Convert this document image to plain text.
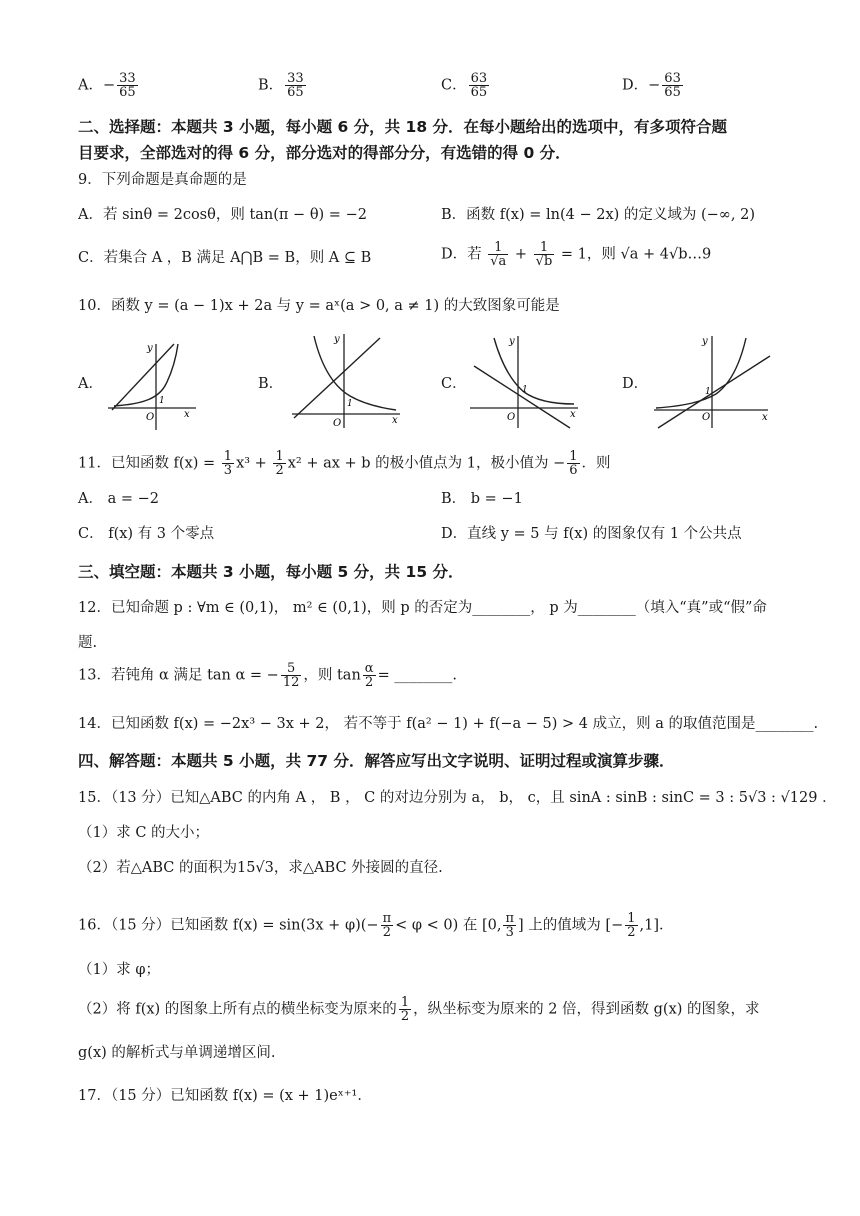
A．− $\frac{33}{65}$	B． $\frac{33}{65}$	C． $\frac{63}{65}$	D．− $\frac{63}{65}$
二、选择题：本题共 3 小题，每小题 6 分，共 18 分．在每小题给出的选项中，有多项符合题
目要求，全部选对的得 6 分，部分选对的得部分分，有选错的得 0 分．
9．下列命题是真命题的是
A．若 sinθ = 2cosθ，则 tan(π − θ) = −2	B．函数 f(x) = ln(4 − 2x) 的定义域为 (−∞, 2)
C．若集合 A ，B 满足 A⋂B = B，则 A ⊆ B	D．若 $\frac{1}{√a} + \frac{1}{√b} = 1$，则 √a + 4√b…9
10．函数 y = (a − 1)x + 2a 与 y = aˣ(a > 0, a ≠ 1) 的大致图象可能是
A．	B．	C．	D．
y
x
O
1
y
x
O
1
y
x
O
1
y
x
O
1
11．已知函数 $f(x) = \frac{1}{3} x^3 + \frac{1}{2} x^2$ + ax + b 的极小值点为 1，极小值为 − $\frac{1}{6}$ ．则
A． a = −2	B． b = −1
C． f(x) 有 3 个零点	D．直线 y = 5 与 f(x) 的图象仅有 1 个公共点
三、填空题：本题共 3 小题，每小题 5 分，共 15 分．
12．已知命题 p : ∀m ∈ (0,1)， m² ∈ (0,1)，则 p 的否定为________， p 为________（填入“真”或“假”命
题.
13．若钝角 α 满足 tan α = − $\frac{5}{12}$ ，则 $\tan \frac{\alpha}{2}$ = ________.
14．已知函数 f(x) = −2x³ − 3x + 2， 若不等于 f(a² − 1) + f(−a − 5) > 4 成立，则 a 的取值范围是________.
四、解答题：本题共 5 小题，共 77 分．解答应写出文字说明、证明过程或演算步骤．
15．（13 分）已知△ABC 的内角 A ， B ， C 的对边分别为 a， b， c，且 sinA : sinB : sinC = 3 : 5√3 : √129 ．
（1）求 C 的大小；
（2）若△ABC 的面积为15√3，求△ABC 外接圆的直径.
16．（15 分）已知函数 $f(x) = \sin(3x + \varphi)(- \frac{\pi}{2} < \varphi < 0)$ 在 [0, $\frac{\pi}{3}$ ] 上的值域为 [− $\frac{1}{2} ,1$]．
（1）求 φ；
（2）将 f(x) 的图象上所有点的横坐标变为原来的 $\frac{1}{2}$ ，纵坐标变为原来的 2 倍，得到函数 g(x) 的图象，求
g(x) 的解析式与单调递增区间.
17．（15 分）已知函数 f(x) = (x + 1)eˣ⁺¹．
